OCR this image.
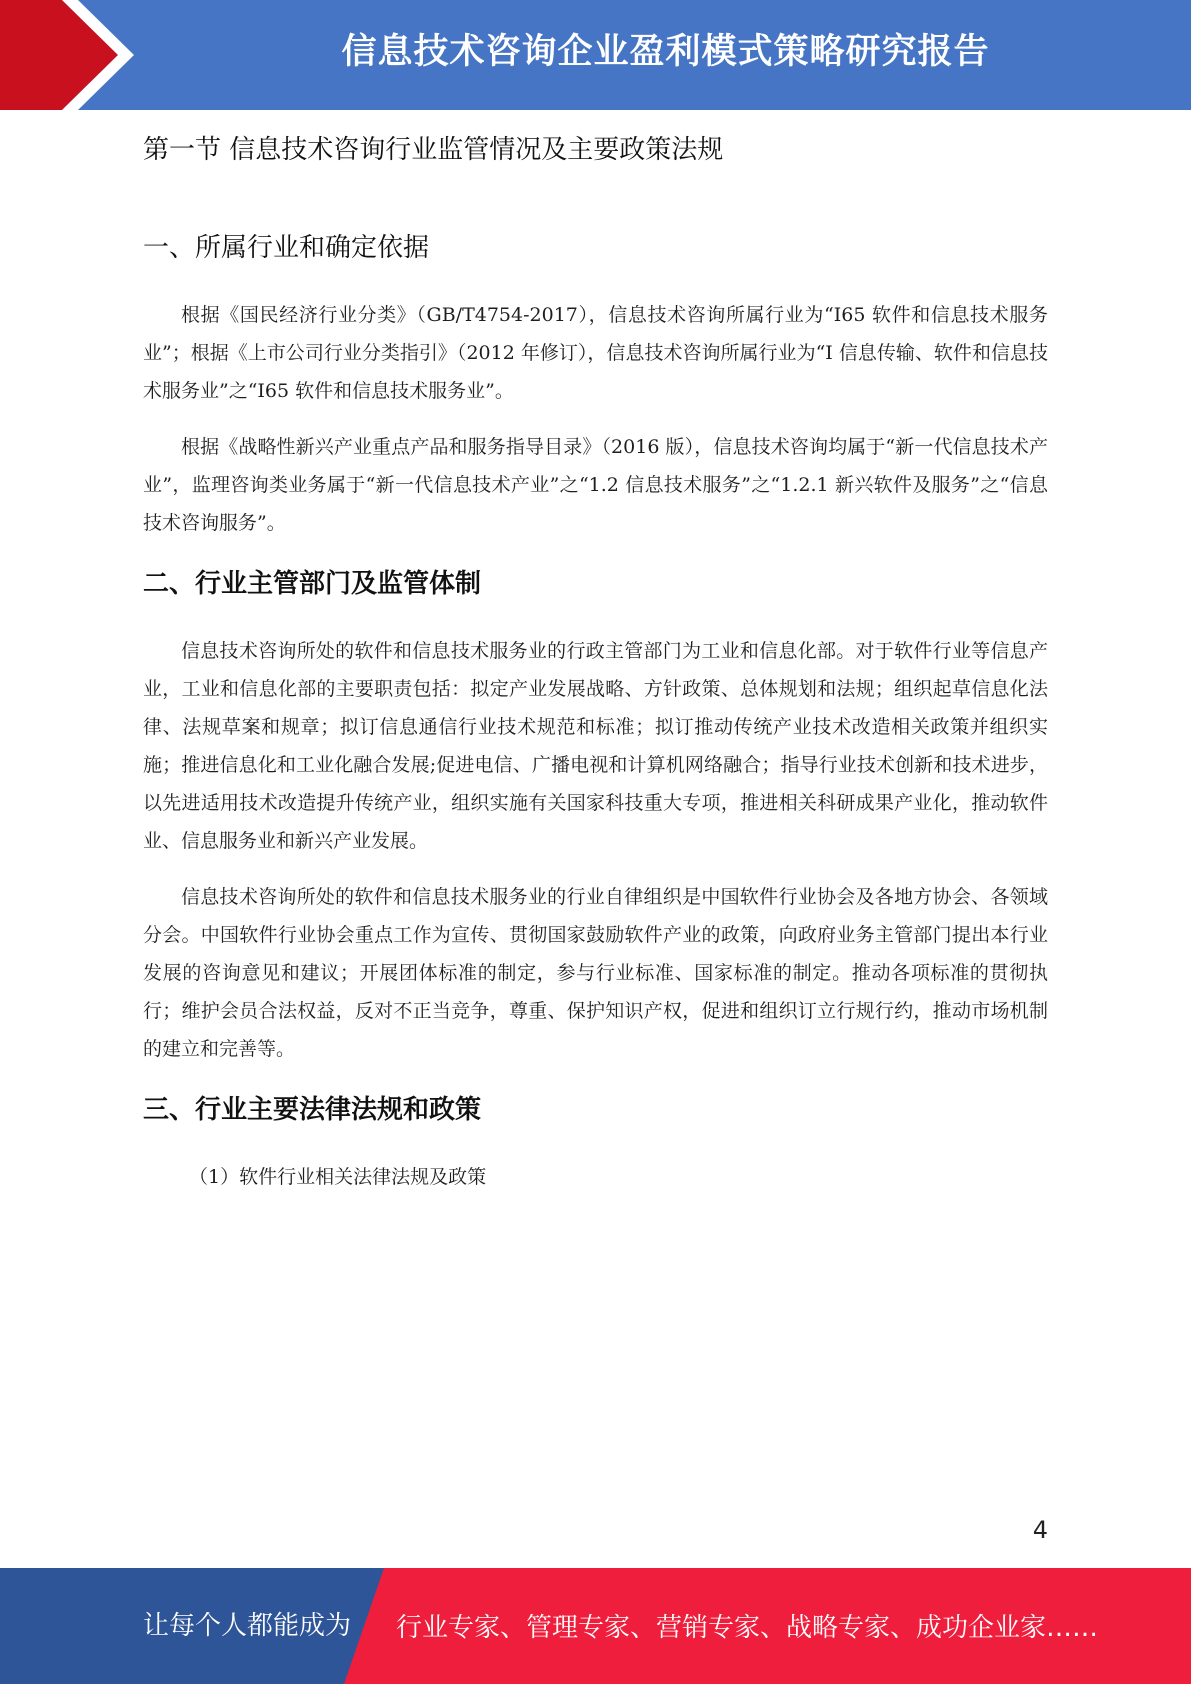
信息技术咨询企业盈利模式策略研究报告
第一节 信息技术咨询行业监管情况及主要政策法规
一、所属行业和确定依据

根据《国民经济行业分类》（GB/T4754-2017），信息技术咨询所属行业为“I65 软件和信息技术服务业”；根据《上市公司行业分类指引》（2012 年修订），信息技术咨询所属行业为“I 信息传输、软件和信息技术服务业”之“I65 软件和信息技术服务业”。

根据《战略性新兴产业重点产品和服务指导目录》（2016 版），信息技术咨询均属于“新一代信息技术产业”，监理咨询类业务属于“新一代信息技术产业”之“1.2 信息技术服务”之“1.2.1 新兴软件及服务”之“信息技术咨询服务”。

二、行业主管部门及监管体制

信息技术咨询所处的软件和信息技术服务业的行政主管部门为工业和信息化部。对于软件行业等信息产业，工业和信息化部的主要职责包括：拟定产业发展战略、方针政策、总体规划和法规；组织起草信息化法律、法规草案和规章；拟订信息通信行业技术规范和标准；拟订推动传统产业技术改造相关政策并组织实施；推进信息化和工业化融合发展;促进电信、广播电视和计算机网络融合；指导行业技术创新和技术进步，以先进适用技术改造提升传统产业，组织实施有关国家科技重大专项，推进相关科研成果产业化，推动软件业、信息服务业和新兴产业发展。

信息技术咨询所处的软件和信息技术服务业的行业自律组织是中国软件行业协会及各地方协会、各领域分会。中国软件行业协会重点工作为宣传、贯彻国家鼓励软件产业的政策，向政府业务主管部门提出本行业发展的咨询意见和建议；开展团体标准的制定，参与行业标准、国家标准的制定。推动各项标准的贯彻执行；维护会员合法权益，反对不正当竞争，尊重、保护知识产权，促进和组织订立行规行约，推动市场机制的建立和完善等。

三、行业主要法律法规和政策

（1）软件行业相关法律法规及政策

4
让每个人都能成为 行业专家、管理专家、营销专家、战略专家、成功企业家……
